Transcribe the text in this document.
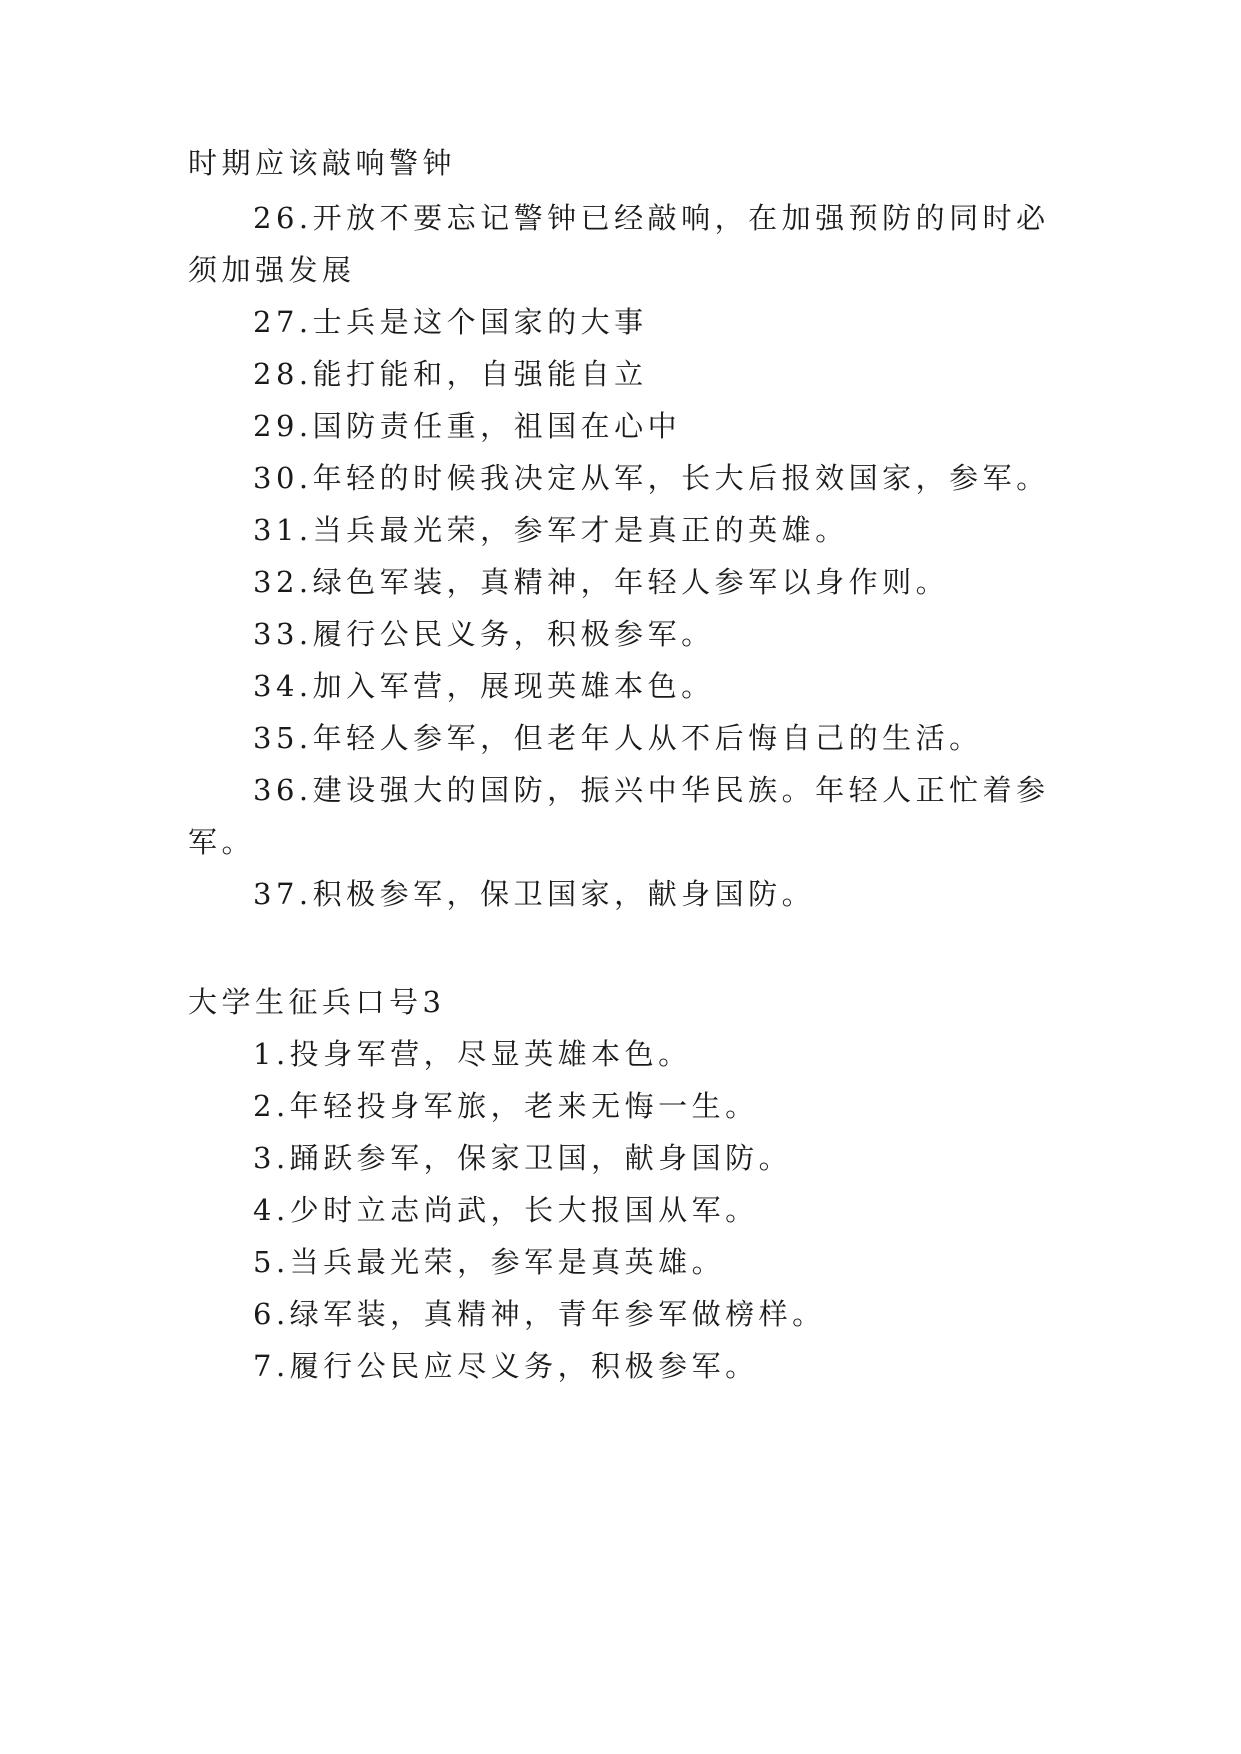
时期应该敲响警钟
26.开放不要忘记警钟已经敲响，在加强预防的同时必
须加强发展
27.士兵是这个国家的大事
28.能打能和，自强能自立
29.国防责任重，祖国在心中
30.年轻的时候我决定从军，长大后报效国家，参军。
31.当兵最光荣，参军才是真正的英雄。
32.绿色军装，真精神，年轻人参军以身作则。
33.履行公民义务，积极参军。
34.加入军营，展现英雄本色。
35.年轻人参军，但老年人从不后悔自己的生活。
36.建设强大的国防，振兴中华民族。年轻人正忙着参
军。
37.积极参军，保卫国家，献身国防。
大学生征兵口号3
1.投身军营，尽显英雄本色。
2.年轻投身军旅，老来无悔一生。
3.踊跃参军，保家卫国，献身国防。
4.少时立志尚武，长大报国从军。
5.当兵最光荣，参军是真英雄。
6.绿军装，真精神，青年参军做榜样。
7.履行公民应尽义务，积极参军。
